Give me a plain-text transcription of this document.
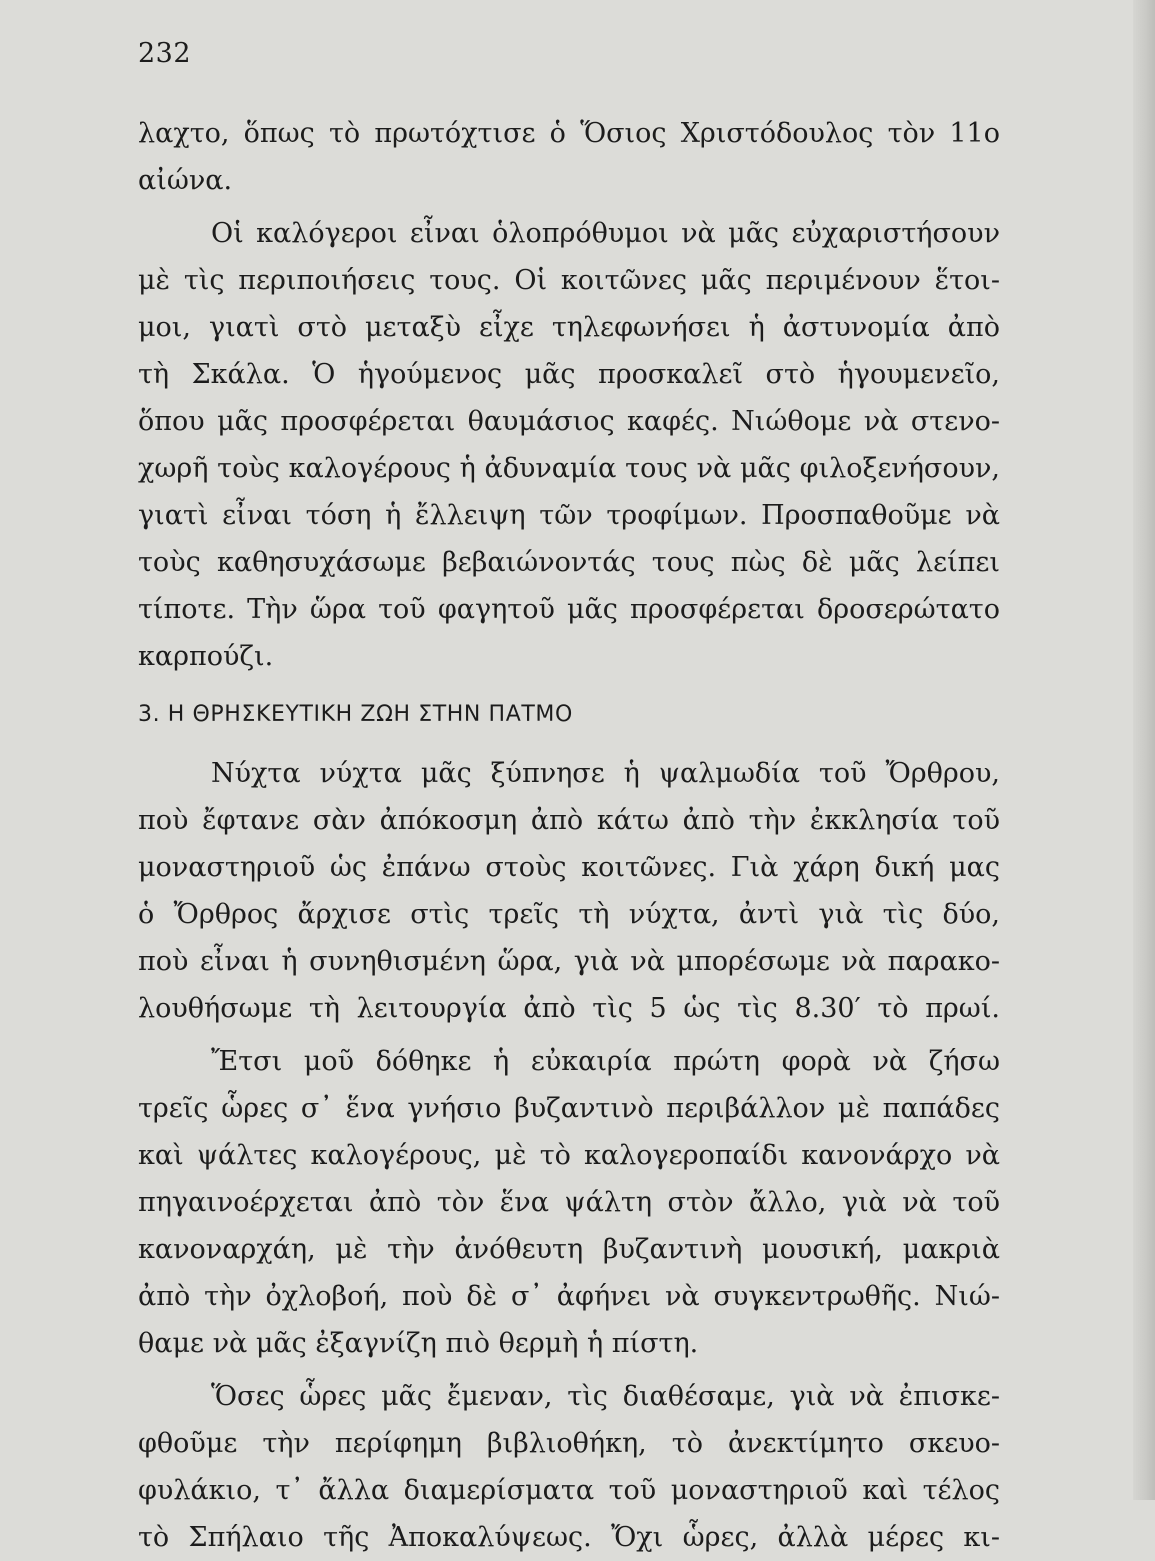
232
λαχτο, ὅπως τὸ πρωτόχτισε ὁ Ὅσιος Χριστόδουλος τὸν 11ο
αἰώνα.
Οἱ καλόγεροι εἶναι ὁλοπρόθυμοι νὰ μᾶς εὐχαριστήσουν
μὲ τὶς περιποιήσεις τους. Οἱ κοιτῶνες μᾶς περιμένουν ἕτοι-
μοι, γιατὶ στὸ μεταξὺ εἶχε τηλεφωνήσει ἡ ἀστυνομία ἀπὸ
τὴ Σκάλα. Ὁ ἡγούμενος μᾶς προσκαλεῖ στὸ ἡγουμενεῖο,
ὅπου μᾶς προσφέρεται θαυμάσιος καφές. Νιώθομε νὰ στενο-
χωρῆ τοὺς καλογέρους ἡ ἀδυναμία τους νὰ μᾶς φιλοξενήσουν,
γιατὶ εἶναι τόση ἡ ἔλλειψη τῶν τροφίμων. Προσπαθοῦμε νὰ
τοὺς καθησυχάσωμε βεβαιώνοντάς τους πὼς δὲ μᾶς λείπει
τίποτε. Τὴν ὥρα τοῦ φαγητοῦ μᾶς προσφέρεται δροσερώτατο
καρπούζι.
3. Η ΘΡΗΣΚΕΥΤΙΚΗ ΖΩΗ ΣΤΗΝ ΠΑΤΜΟ
Νύχτα νύχτα μᾶς ξύπνησε ἡ ψαλμωδία τοῦ Ὄρθρου,
ποὺ ἔφτανε σὰν ἀπόκοσμη ἀπὸ κάτω ἀπὸ τὴν ἐκκλησία τοῦ
μοναστηριοῦ ὡς ἐπάνω στοὺς κοιτῶνες. Γιὰ χάρη δική μας
ὁ Ὄρθρος ἄρχισε στὶς τρεῖς τὴ νύχτα, ἀντὶ γιὰ τὶς δύο,
ποὺ εἶναι ἡ συνηθισμένη ὥρα, γιὰ νὰ μπορέσωμε νὰ παρακο-
λουθήσωμε τὴ λειτουργία ἀπὸ τὶς 5 ὡς τὶς 8.30′ τὸ πρωί.
Ἔτσι μοῦ δόθηκε ἡ εὐκαιρία πρώτη φορὰ νὰ ζήσω
τρεῖς ὧρες σ᾽ ἕνα γνήσιο βυζαντινὸ περιβάλλον μὲ παπάδες
καὶ ψάλτες καλογέρους, μὲ τὸ καλογεροπαίδι κανονάρχο νὰ
πηγαινοέρχεται ἀπὸ τὸν ἕνα ψάλτη στὸν ἄλλο, γιὰ νὰ τοῦ
κανοναρχάη, μὲ τὴν ἀνόθευτη βυζαντινὴ μουσική, μακριὰ
ἀπὸ τὴν ὀχλοβοή, ποὺ δὲ σ᾽ ἀφήνει νὰ συγκεντρωθῆς. Νιώ-
θαμε νὰ μᾶς ἐξαγνίζη πιὸ θερμὴ ἡ πίστη.
Ὅσες ὧρες μᾶς ἔμεναν, τὶς διαθέσαμε, γιὰ νὰ ἐπισκε-
φθοῦμε τὴν περίφημη βιβλιοθήκη, τὸ ἀνεκτίμητο σκευο-
φυλάκιο, τ᾽ ἄλλα διαμερίσματα τοῦ μοναστηριοῦ καὶ τέλος
τὸ Σπήλαιο τῆς Ἀποκαλύψεως. Ὄχι ὧρες, ἀλλὰ μέρες κι-
